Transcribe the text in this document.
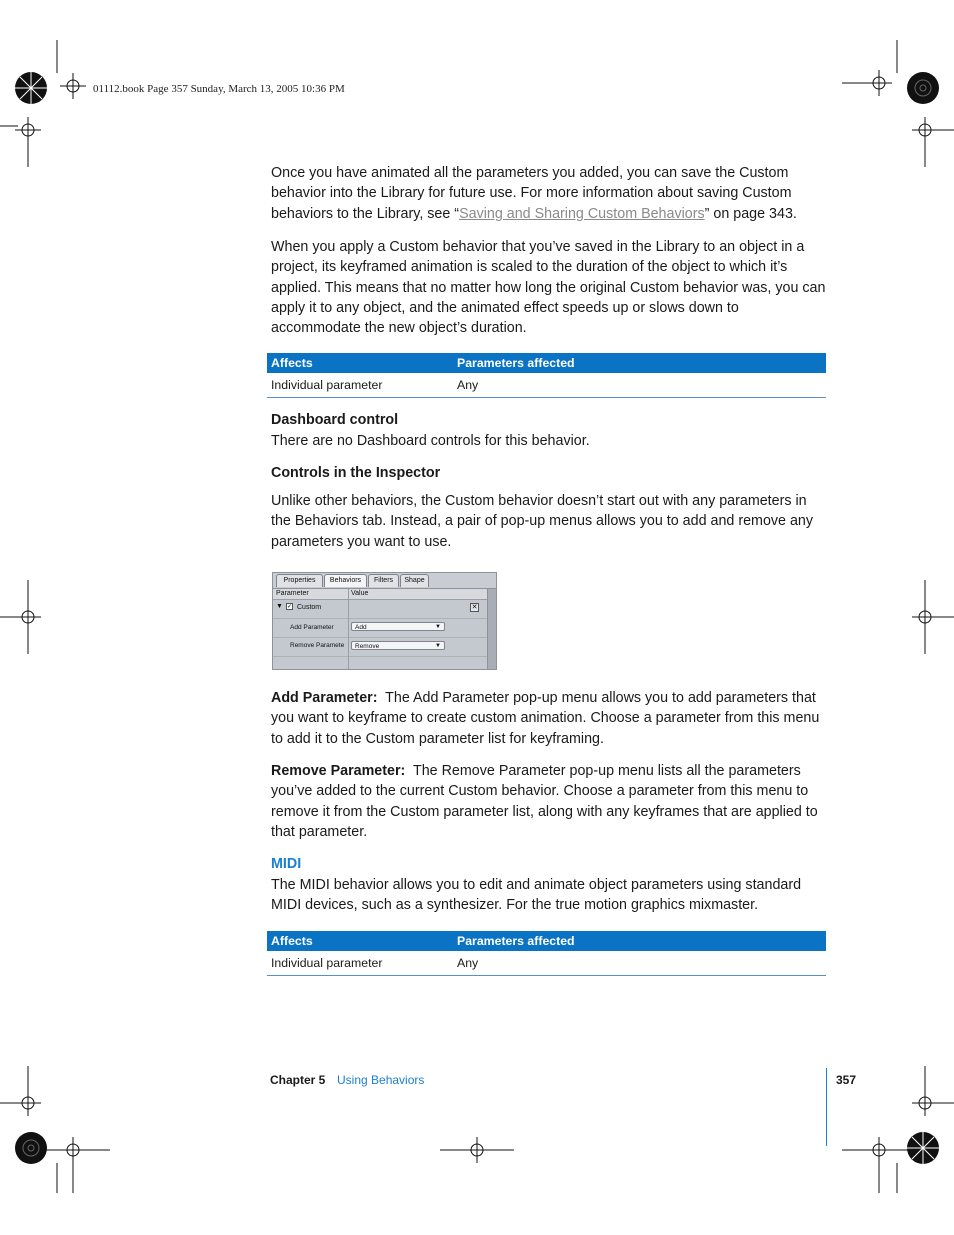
01112.book Page 357 Sunday, March 13, 2005 10:36 PM

Once you have animated all the parameters you added, you can save the Custom behavior into the Library for future use. For more information about saving Custom behaviors to the Library, see “Saving and Sharing Custom Behaviors” on page 343.

When you apply a Custom behavior that you’ve saved in the Library to an object in a project, its keyframed animation is scaled to the duration of the object to which it’s applied. This means that no matter how long the original Custom behavior was, you can apply it to any object, and the animated effect speeds up or slows down to accommodate the new object’s duration.

Affects	Parameters affected
Individual parameter	Any
Dashboard control

There are no Dashboard controls for this behavior.

Controls in the Inspector

Unlike other behaviors, the Custom behavior doesn’t start out with any parameters in the Behaviors tab. Instead, a pair of pop-up menus allows you to add and remove any parameters you want to use.

Properties	Behaviors	Filters	Shape
Parameter	Value
▼ ✓ Custom	✕
Add Parameter	Add	▼
Remove Paramete	Remove	▼

Add Parameter: The Add Parameter pop-up menu allows you to add parameters that you want to keyframe to create custom animation. Choose a parameter from this menu to add it to the Custom parameter list for keyframing.

Remove Parameter: The Remove Parameter pop-up menu lists all the parameters you’ve added to the current Custom behavior. Choose a parameter from this menu to remove it from the Custom parameter list, along with any keyframes that are applied to that parameter.

MIDI

The MIDI behavior allows you to edit and animate object parameters using standard MIDI devices, such as a synthesizer. For the true motion graphics mixmaster.

Affects	Parameters affected
Individual parameter	Any
Chapter 5 Using Behaviors	357
